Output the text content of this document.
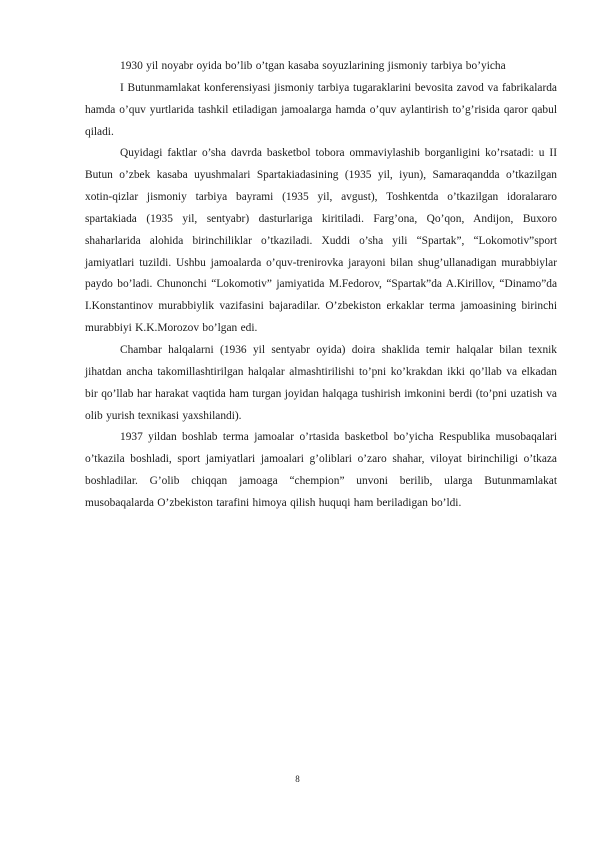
1930 yil noyabr oyida bo’lib o’tgan kasaba soyuzlarining jismoniy tarbiya bo’yicha

I Butunmamlakat konferensiyasi jismoniy tarbiya tugaraklarini bevosita zavod va fabrikalarda hamda o’quv yurtlarida tashkil etiladigan jamoalarga hamda o’quv aylantirish to’g’risida qaror qabul qiladi.

Quyidagi faktlar o’sha davrda basketbol tobora ommaviylashib borganligini ko’rsatadi: u II Butun o’zbek kasaba uyushmalari Spartakiadasining (1935 yil, iyun), Samaraqandda o’tkazilgan xotin-qizlar jismoniy tarbiya bayrami (1935 yil, avgust), Toshkentda o’tkazilgan idoralararo spartakiada (1935 yil, sentyabr) dasturlariga kiritiladi. Farg’ona, Qo’qon, Andijon, Buxoro shaharlarida alohida birinchiliklar o’tkaziladi. Xuddi o’sha yili “Spartak”, “Lokomotiv”sport jamiyatlari tuzildi. Ushbu jamoalarda o’quv-trenirovka jarayoni bilan shug’ullanadigan murabbiylar paydo bo’ladi. Chunonchi “Lokomotiv” jamiyatida M.Fedorov, “Spartak”da A.Kirillov, “Dinamo”da I.Konstantinov murabbiylik vazifasini bajaradilar. O’zbekiston erkaklar terma jamoasining birinchi murabbiyi K.K.Morozov bo’lgan edi.

Chambar halqalarni (1936 yil sentyabr oyida) doira shaklida temir halqalar bilan texnik jihatdan ancha takomillashtirilgan halqalar almashtirilishi to’pni ko’krakdan ikki qo’llab va elkadan bir qo’llab har harakat vaqtida ham turgan joyidan halqaga tushirish imkonini berdi (to’pni uzatish va olib yurish texnikasi yaxshilandi).

1937 yildan boshlab terma jamoalar o’rtasida basketbol bo’yicha Respublika musobaqalari o’tkazila boshladi, sport jamiyatlari jamoalari g’oliblari o’zaro shahar, viloyat birinchiligi o’tkaza boshladilar. G’olib chiqqan jamoaga “chempion” unvoni berilib, ularga Butunmamlakat musobaqalarda O’zbekiston tarafini himoya qilish huquqi ham beriladigan bo’ldi.

8
